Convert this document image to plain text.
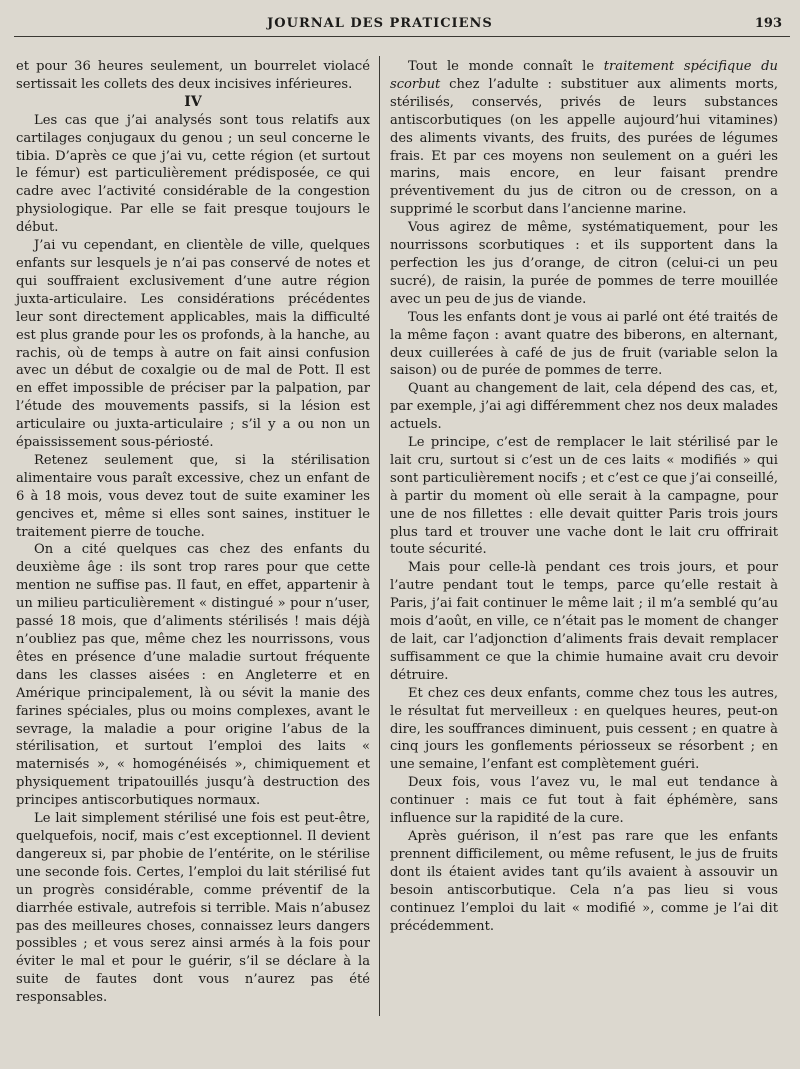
JOURNAL DES PRATICIENS	193

et pour 36 heures seulement, un bourrelet violacé sertissait les collets des deux incisives inférieures.

IV

Les cas que j’ai analysés sont tous relatifs aux cartilages conjugaux du genou ; un seul concerne le tibia. D’après ce que j’ai vu, cette région (et surtout le fémur) est particulièrement prédisposée, ce qui cadre avec l’activité considérable de la congestion physiologique. Par elle se fait presque toujours le début.

J’ai vu cependant, en clientèle de ville, quelques enfants sur lesquels je n’ai pas conservé de notes et qui souffraient exclusivement d’une autre région juxta-articulaire. Les considérations précédentes leur sont directement applicables, mais la difficulté est plus grande pour les os profonds, à la hanche, au rachis, où de temps à autre on fait ainsi confusion avec un début de coxalgie ou de mal de Pott. Il est en effet impossible de préciser par la palpation, par l’étude des mouvements passifs, si la lésion est articulaire ou juxta-articulaire ; s’il y a ou non un épaississement sous-périosté.

Retenez seulement que, si la stérilisation alimentaire vous paraît excessive, chez un enfant de 6 à 18 mois, vous devez tout de suite examiner les gencives et, même si elles sont saines, instituer le traitement pierre de touche.

On a cité quelques cas chez des enfants du deuxième âge : ils sont trop rares pour que cette mention ne suffise pas. Il faut, en effet, appartenir à un milieu particulièrement « distingué » pour n’user, passé 18 mois, que d’aliments stérilisés ! mais déjà n’oubliez pas que, même chez les nourrissons, vous êtes en présence d’une maladie surtout fréquente dans les classes aisées : en Angleterre et en Amérique principalement, là ou sévit la manie des farines spéciales, plus ou moins complexes, avant le sevrage, la maladie a pour origine l’abus de la stérilisation, et surtout l’emploi des laits « maternisés », « homogénéisés », chimiquement et physiquement tripatouillés jusqu’à destruction des principes antiscorbutiques normaux.

Le lait simplement stérilisé une fois est peut-être, quelquefois, nocif, mais c’est exceptionnel. Il devient dangereux si, par phobie de l’entérite, on le stérilise une seconde fois. Certes, l’emploi du lait stérilisé fut un progrès considérable, comme préventif de la diarrhée estivale, autrefois si terrible. Mais n’abusez pas des meilleures choses, connaissez leurs dangers possibles ; et vous serez ainsi armés à la fois pour éviter le mal et pour le guérir, s’il se déclare à la suite de fautes dont vous n’aurez pas été responsables.

Tout le monde connaît le traitement spécifique du scorbut chez l’adulte : substituer aux aliments morts, stérilisés, conservés, privés de leurs substances antiscorbutiques (on les appelle aujourd’hui vitamines) des aliments vivants, des fruits, des purées de légumes frais. Et par ces moyens non seulement on a guéri les marins, mais encore, en leur faisant prendre préventivement du jus de citron ou de cresson, on a supprimé le scorbut dans l’ancienne marine.

Vous agirez de même, systématiquement, pour les nourrissons scorbutiques : et ils supportent dans la perfection les jus d’orange, de citron (celui-ci un peu sucré), de raisin, la purée de pommes de terre mouillée avec un peu de jus de viande.

Tous les enfants dont je vous ai parlé ont été traités de la même façon : avant quatre des biberons, en alternant, deux cuillerées à café de jus de fruit (variable selon la saison) ou de purée de pommes de terre.

Quant au changement de lait, cela dépend des cas, et, par exemple, j’ai agi différemment chez nos deux malades actuels.

Le principe, c’est de remplacer le lait stérilisé par le lait cru, surtout si c’est un de ces laits « modifiés » qui sont particulièrement nocifs ; et c’est ce que j’ai conseillé, à partir du moment où elle serait à la campagne, pour une de nos fillettes : elle devait quitter Paris trois jours plus tard et trouver une vache dont le lait cru offrirait toute sécurité.

Mais pour celle-là pendant ces trois jours, et pour l’autre pendant tout le temps, parce qu’elle restait à Paris, j’ai fait continuer le même lait ; il m’a semblé qu’au mois d’août, en ville, ce n’était pas le moment de changer de lait, car l’adjonction d’aliments frais devait remplacer suffisamment ce que la chimie humaine avait cru devoir détruire.

Et chez ces deux enfants, comme chez tous les autres, le résultat fut merveilleux : en quelques heures, peut-on dire, les souffrances diminuent, puis cessent ; en quatre à cinq jours les gonflements périosseux se résorbent ; en une semaine, l’enfant est complètement guéri.

Deux fois, vous l’avez vu, le mal eut tendance à continuer : mais ce fut tout à fait éphémère, sans influence sur la rapidité de la cure.

Après guérison, il n’est pas rare que les enfants prennent difficilement, ou même refusent, le jus de fruits dont ils étaient avides tant qu’ils avaient à assouvir un besoin antiscorbutique. Cela n’a pas lieu si vous continuez l’emploi du lait « modifié », comme je l’ai dit précédemment.
